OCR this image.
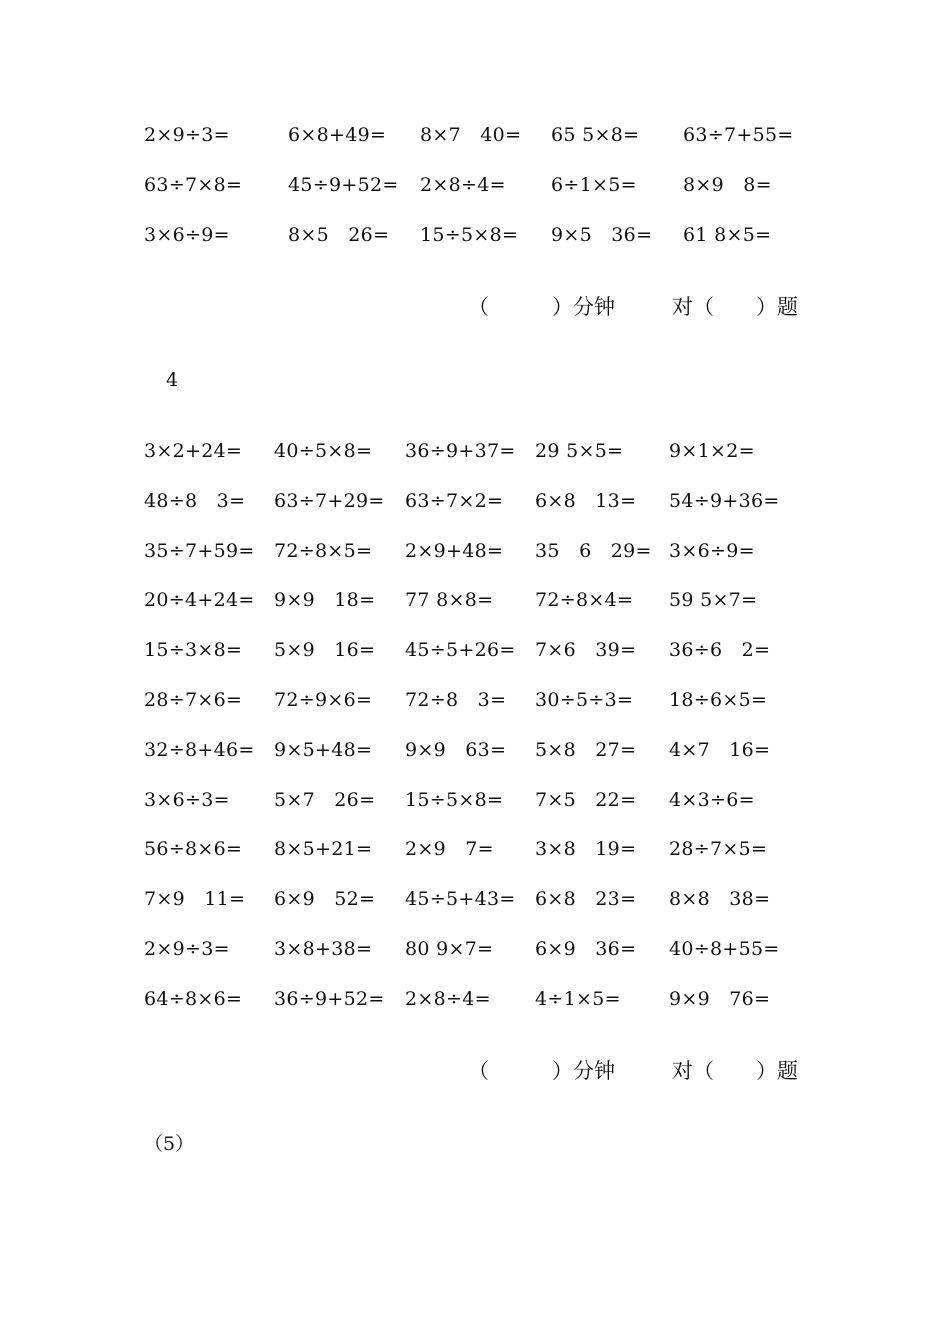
2×9÷3=	6×8+49= 8×7　40= 65 5×8= 63÷7+55=
63÷7×8= 45÷9+52= 2×8÷4= 6÷1×5= 8×9　8=
3×6÷9=	8×5　26= 15÷5×8= 9×5　36= 61 8×5=
（　　　）分钟	对（　　）题
4
3×2+24= 40÷5×8= 36÷9+37= 29 5×5= 9×1×2=
48÷8　3= 63÷7+29= 63÷7×2= 6×8　13= 54÷9+36=
35÷7+59= 72÷8×5= 2×9+48= 35　6　29= 3×6÷9=
20÷4+24= 9×9　18= 77 8×8= 72÷8×4= 59 5×7=
15÷3×8= 5×9　16= 45÷5+26= 7×6　39= 36÷6　2=
28÷7×6= 72÷9×6= 72÷8　3= 30÷5÷3= 18÷6×5=
32÷8+46= 9×5+48= 9×9　63= 5×8　27= 4×7　16=
3×6÷3= 5×7　26= 15÷5×8= 7×5　22= 4×3÷6=
56÷8×6= 8×5+21= 2×9　7= 3×8　19= 28÷7×5=
7×9　11= 6×9　52= 45÷5+43= 6×8　23= 8×8　38=
2×9÷3= 3×8+38= 80 9×7= 6×9　36= 40÷8+55=
64÷8×6= 36÷9+52= 2×8÷4= 4÷1×5=	9×9　76=
（　　　）分钟	对（　　）题
（5）
